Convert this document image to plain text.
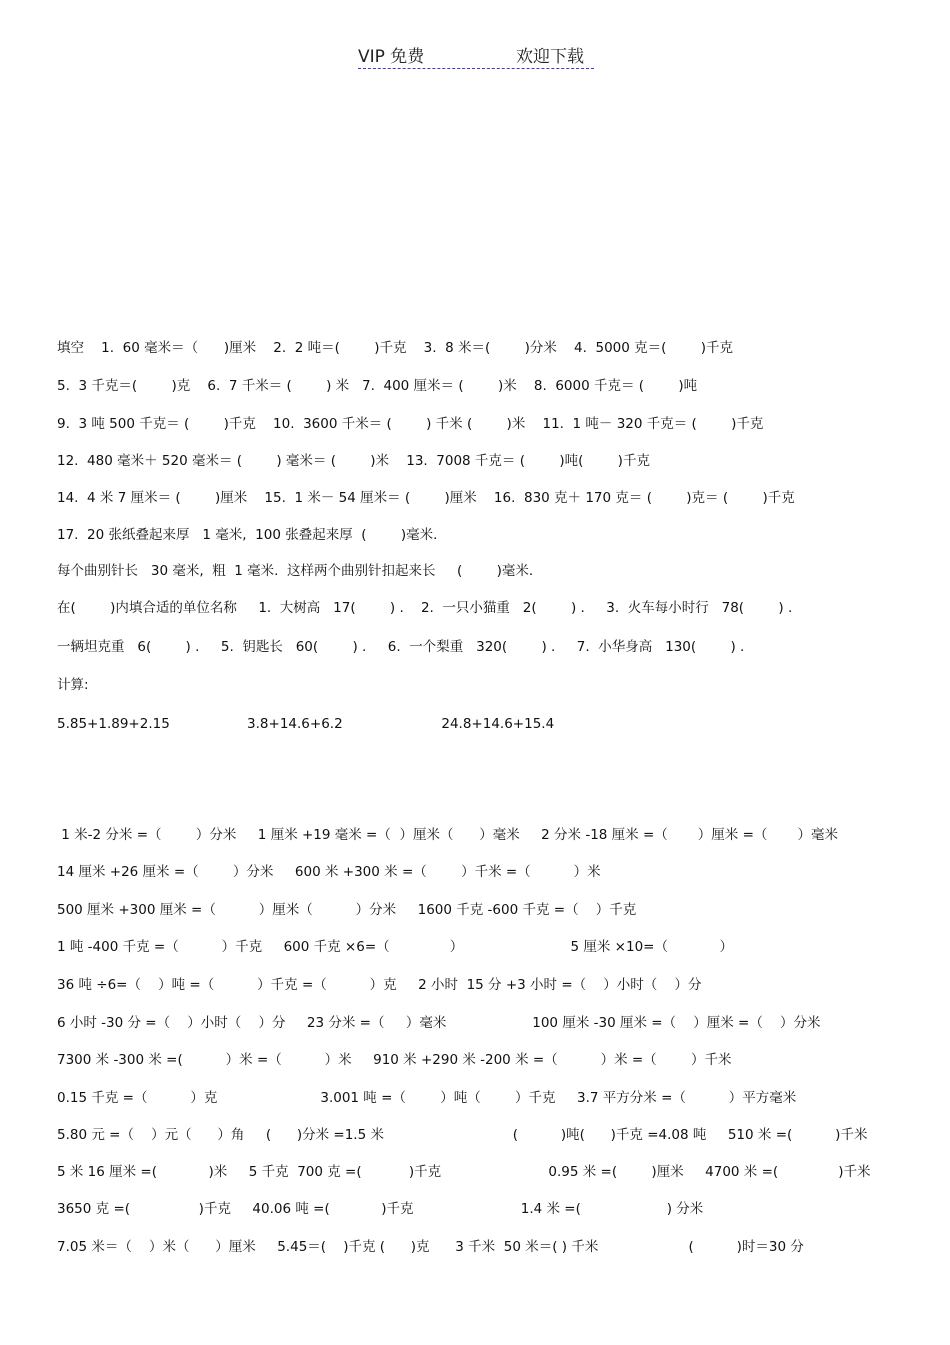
VIP 免费	欢迎下载
填空    1.  60 毫米＝（      )厘米    2.  2 吨＝(        )千克    3.  8 米＝(        )分米    4.  5000 克＝(        )千克
5.  3 千克＝(        )克    6.  7 千米＝ (        ) 米   7.  400 厘米＝ (        )米    8.  6000 千克＝ (        )吨
9.  3 吨 500 千克＝ (        )千克    10.  3600 千米＝ (        ) 千米 (        )米    11.  1 吨－ 320 千克＝ (        )千克
12.  480 毫米＋ 520 毫米＝ (        ) 毫米＝ (        )米    13.  7008 千克＝ (        )吨(        )千克
14.  4 米 7 厘米＝ (        )厘米    15.  1 米－ 54 厘米＝ (        )厘米    16.  830 克＋ 170 克＝ (        )克＝ (        )千克
17.  20 张纸叠起来厚   1 毫米,  100 张叠起来厚  (        )毫米.
每个曲别针长   30 毫米,  粗  1 毫米.  这样两个曲别针扣起来长     (        )毫米.
在(        )内填合适的单位名称     1.  大树高   17(        ) .    2.  一只小猫重   2(        ) .     3.  火车每小时行   78(        ) .
一辆坦克重   6(        ) .     5.  钥匙长   60(        ) .     6.  一个梨重   320(        ) .     7.  小华身高   130(        ) .
计算:
5.85+1.89+2.15                  3.8+14.6+6.2                       24.8+14.6+15.4
1 米-2 分米 =（        ）分米     1 厘米 +19 毫米 =（  ）厘米（      ）毫米     2 分米 -18 厘米 =（       ）厘米 =（       ）毫米
14 厘米 +26 厘米 =（        ）分米     600 米 +300 米 =（        ）千米 =（          ）米
500 厘米 +300 厘米 =（          ）厘米（          ）分米     1600 千克 -600 千克 =（    ）千克
1 吨 -400 千克 =（          ）千克     600 千克 ×6=（              ）                         5 厘米 ×10=（            ）
36 吨 ÷6=（    ）吨 =（          ）千克 =（          ）克     2 小时  15 分 +3 小时 =（    ）小时（    ）分
6 小时 -30 分 =（    ）小时（    ）分     23 分米 =（     ）毫米                    100 厘米 -30 厘米 =（    ）厘米 =（    ）分米
7300 米 -300 米 =(          ）米 =（          ）米     910 米 +290 米 -200 米 =（          ）米 =（        ）千米
0.15 千克 =（          ）克                        3.001 吨 =（        ）吨（        ）千克     3.7 平方分米 =（          ）平方毫米
5.80 元 =（    ）元（      ）角     (      )分米 =1.5 米                              (          )吨(      )千克 =4.08 吨     510 米 =(          )千米
5 米 16 厘米 =(            )米     5 千克  700 克 =(           )千克                         0.95 米 =(        )厘米     4700 米 =(              )千米
3650 克 =(                )千克     40.06 吨 =(            )千克                         1.4 米 =(                    ) 分米
7.05 米＝（    ）米（      ）厘米     5.45＝(    )千克 (      )克      3 千米  50 米＝( ) 千米                     (          )时＝30 分
